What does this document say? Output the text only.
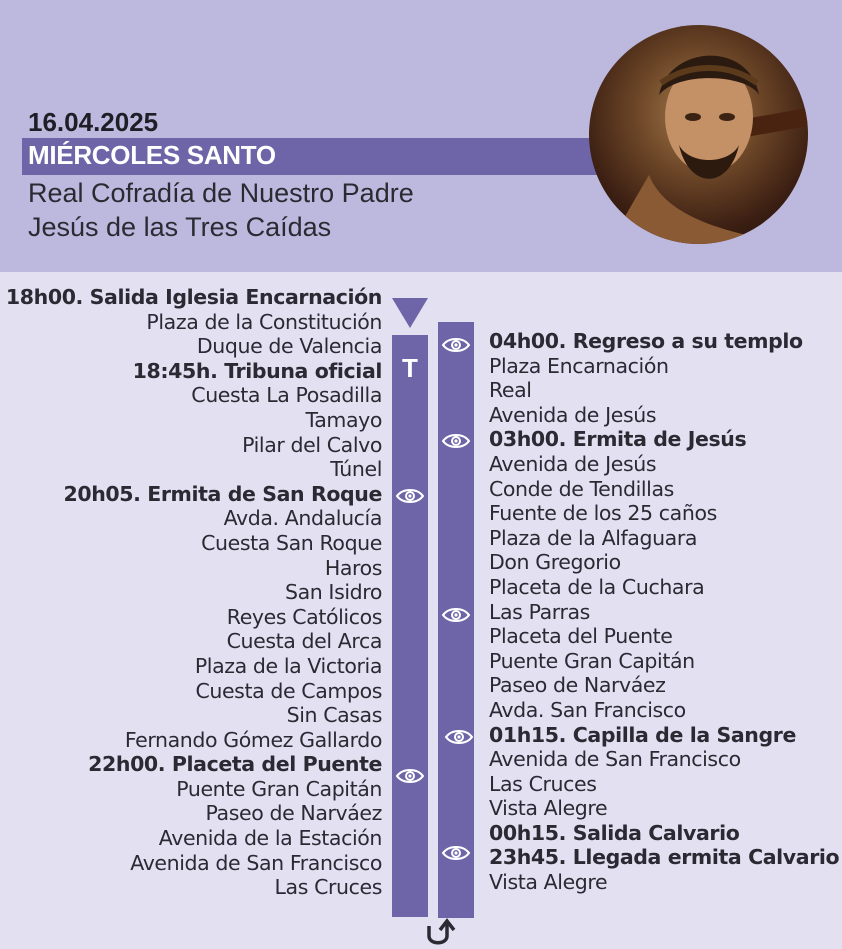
16.04.2025
MIÉRCOLES SANTO
Real Cofradía de Nuestro Padre
Jesús de las Tres Caídas
18h00. Salida Iglesia Encarnación
Plaza de la Constitución
Duque de Valencia
18:45h. Tribuna oficial
Cuesta La Posadilla
Tamayo
Pilar del Calvo
Túnel
20h05. Ermita de San Roque
Avda. Andalucía
Cuesta San Roque
Haros
San Isidro
Reyes Católicos
Cuesta del Arca
Plaza de la Victoria
Cuesta de Campos
Sin Casas
Fernando Gómez Gallardo
22h00. Placeta del Puente
Puente Gran Capitán
Paseo de Narváez
Avenida de la Estación
Avenida de San Francisco
Las Cruces
04h00. Regreso a su templo
Plaza Encarnación
Real
Avenida de Jesús
03h00. Ermita de Jesús
Avenida de Jesús
Conde de Tendillas
Fuente de los 25 caños
Plaza de la Alfaguara
Don Gregorio
Placeta de la Cuchara
Las Parras
Placeta del Puente
Puente Gran Capitán
Paseo de Narváez
Avda. San Francisco
01h15. Capilla de la Sangre
Avenida de San Francisco
Las Cruces
Vista Alegre
00h15. Salida Calvario
23h45. Llegada ermita Calvario
Vista Alegre
T
